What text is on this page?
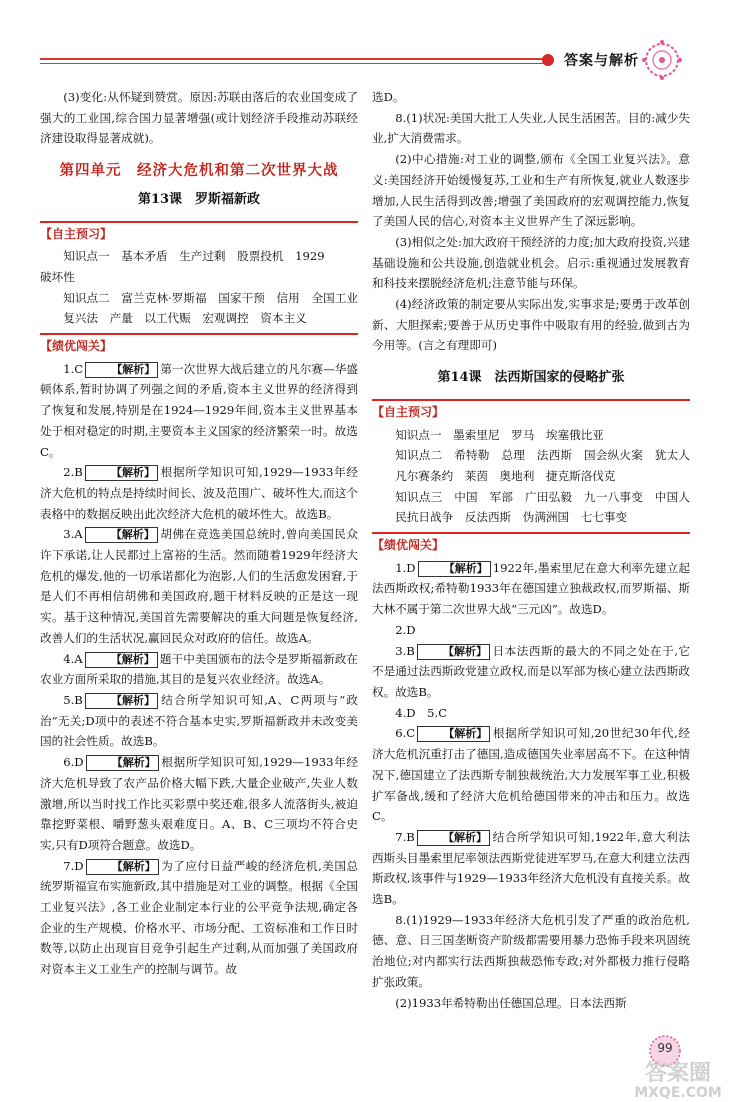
答案与解析

(3)变化:从怀疑到赞赏。原因:苏联由落后的农业国变成了强大的工业国,综合国力显著增强(或计划经济手段推动苏联经济建设取得显著成就)。

第四单元　经济大危机和第二次世界大战
第13课　罗斯福新政
【自主预习】
知识点一　基本矛盾　生产过剩　股票投机　1929

破坏性

知识点二　富兰克林·罗斯福　国家干预　信用　全国工业复兴法　产量　以工代赈　宏观调控　资本主义
【绩优闯关】

1.C	【解析】 第一次世界大战后建立的凡尔赛—华盛顿体系,暂时协调了列强之间的矛盾,资本主义世界的经济得到了恢复和发展,特别是在1924—1929年间,资本主义世界基本处于相对稳定的时期,主要资本主义国家的经济繁荣一时。故选C。

2.B	【解析】 根据所学知识可知,1929—1933年经济大危机的特点是持续时间长、波及范围广、破坏性大,而这个表格中的数据反映出此次经济大危机的破坏性大。故选B。

3.A	【解析】 胡佛在竞选美国总统时,曾向美国民众许下承诺,让人民都过上富裕的生活。然而随着1929年经济大危机的爆发,他的一切承诺都化为泡影,人们的生活愈发困窘,于是人们不再相信胡佛和美国政府,题干材料反映的正是这一现实。基于这种情况,美国首先需要解决的重大问题是恢复经济,改善人们的生活状况,赢回民众对政府的信任。故选A。

4.A	【解析】 题干中美国颁布的法令是罗斯福新政在农业方面所采取的措施,其目的是复兴农业经济。故选A。

5.B	【解析】 结合所学知识可知,A、C两项与“政治”无关;D项中的表述不符合基本史实,罗斯福新政并未改变美国的社会性质。故选B。

6.D	【解析】 根据所学知识可知,1929—1933年经济大危机导致了农产品价格大幅下跌,大量企业破产,失业人数激增,所以当时找工作比买彩票中奖还难,很多人流落街头,被迫靠挖野菜根、嚼野葱头艰难度日。A、B、C三项均不符合史实,只有D项符合题意。故选D。

7.D	【解析】 为了应付日益严峻的经济危机,美国总统罗斯福宣布实施新政,其中措施是对工业的调整。根据《全国工业复兴法》,各工业企业制定本行业的公平竞争法规,确定各企业的生产规模、价格水平、市场分配、工资标准和工作日时数等,以防止出现盲目竞争引起生产过剩,从而加强了美国政府对资本主义工业生产的控制与调节。故

选D。

8.(1)状况:美国大批工人失业,人民生活困苦。目的:减少失业,扩大消费需求。

(2)中心措施:对工业的调整,颁布《全国工业复兴法》。意义:美国经济开始缓慢复苏,工业和生产有所恢复,就业人数逐步增加,人民生活得到改善;增强了美国政府的宏观调控能力,恢复了美国人民的信心,对资本主义世界产生了深远影响。

(3)相似之处:加大政府干预经济的力度;加大政府投资,兴建基础设施和公共设施,创造就业机会。启示:重视通过发展教育和科技来摆脱经济危机;注意节能与环保。

(4)经济政策的制定要从实际出发,实事求是;要勇于改革创新、大胆探索;要善于从历史事件中吸取有用的经验,做到古为今用等。(言之有理即可)

第14课　法西斯国家的侵略扩张
【自主预习】
知识点一　墨索里尼　罗马　埃塞俄比亚
知识点二　希特勒　总理　法西斯　国会纵火案　犹太人　凡尔赛条约　莱茵　奥地利　捷克斯洛伐克
知识点三　中国　军部　广田弘毅　九一八事变　中国人民抗日战争　反法西斯　伪满洲国　七七事变
【绩优闯关】

1.D	【解析】 1922年,墨索里尼在意大利率先建立起法西斯政权;希特勒1933年在德国建立独裁政权,而罗斯福、斯大林不属于第二次世界大战“三元凶”。故选D。

2.D

3.B	【解析】 日本法西斯的最大的不同之处在于,它不是通过法西斯政党建立政权,而是以军部为核心建立法西斯政权。故选B。

4.D　5.C

6.C	【解析】 根据所学知识可知,20世纪30年代,经济大危机沉重打击了德国,造成德国失业率居高不下。在这种情况下,德国建立了法西斯专制独裁统治,大力发展军事工业,积极扩军备战,缓和了经济大危机给德国带来的冲击和压力。故选C。

7.B	【解析】 结合所学知识可知,1922年,意大利法西斯头目墨索里尼率领法西斯党徒进军罗马,在意大利建立法西斯政权,该事件与1929—1933年经济大危机没有直接关系。故选B。

8.(1)1929—1933年经济大危机引发了严重的政治危机,德、意、日三国垄断资产阶级都需要用暴力恐怖手段来巩固统治地位;对内都实行法西斯独裁恐怖专政;对外都极力推行侵略扩张政策。

(2)1933年希特勒出任德国总理。日本法西斯

99
答案圈
MXQE.COM
